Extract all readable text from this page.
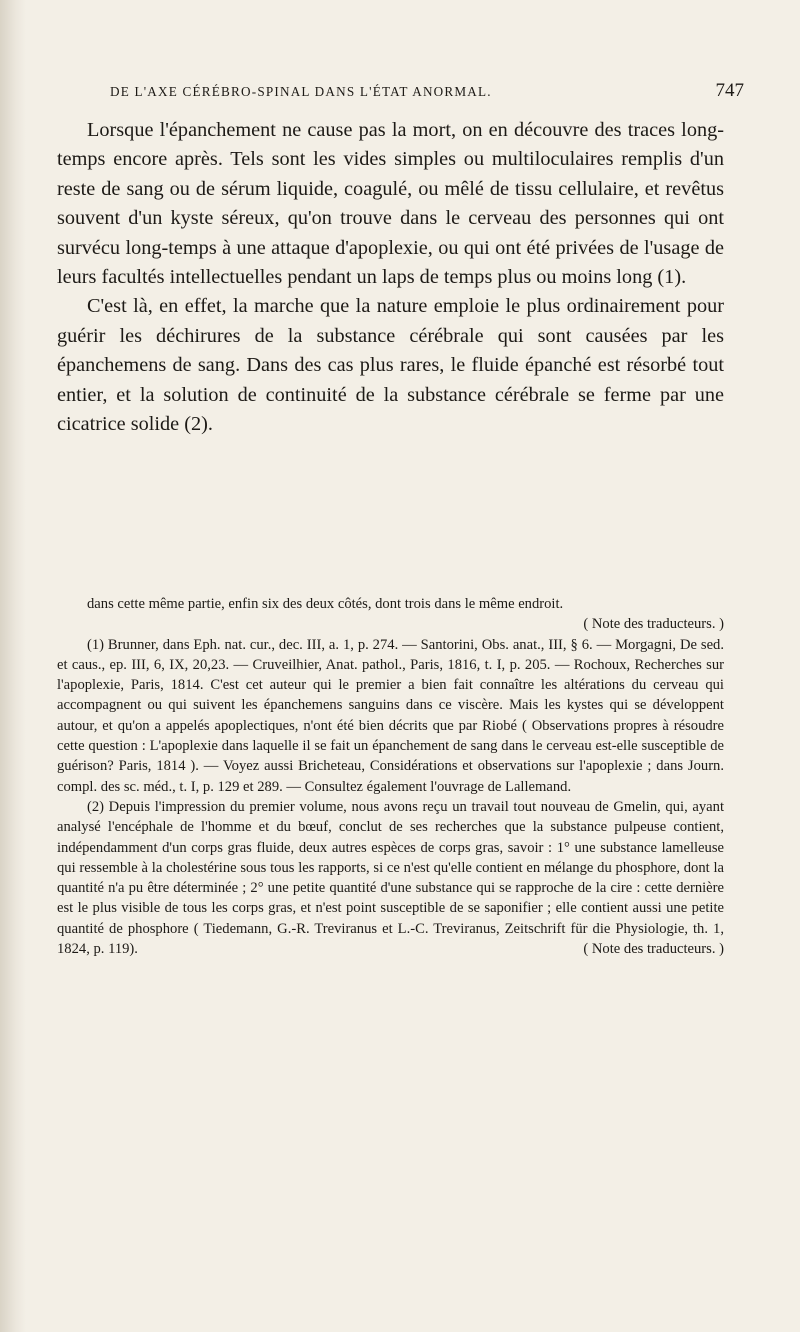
DE L'AXE CÉRÉBRO-SPINAL DANS L'ÉTAT ANORMAL.	747

Lorsque l'épanchement ne cause pas la mort, on en découvre des traces long-temps encore après. Tels sont les vides simples ou multiloculaires remplis d'un reste de sang ou de sérum liquide, coagulé, ou mêlé de tissu cellulaire, et revêtus souvent d'un kyste séreux, qu'on trouve dans le cerveau des personnes qui ont survécu long-temps à une attaque d'apoplexie, ou qui ont été privées de l'usage de leurs facultés intellectuelles pendant un laps de temps plus ou moins long (1).

C'est là, en effet, la marche que la nature emploie le plus ordinairement pour guérir les déchirures de la substance cérébrale qui sont causées par les épanchemens de sang. Dans des cas plus rares, le fluide épanché est résorbé tout entier, et la solution de continuité de la substance cérébrale se ferme par une cicatrice solide (2).

dans cette même partie, enfin six des deux côtés, dont trois dans le même endroit.
( Note des traducteurs. )

(1) Brunner, dans Eph. nat. cur., dec. III, a. 1, p. 274. — Santorini, Obs. anat., III, § 6. — Morgagni, De sed. et caus., ep. III, 6, IX, 20,23. — Cruveilhier, Anat. pathol., Paris, 1816, t. I, p. 205. — Rochoux, Recherches sur l'apoplexie, Paris, 1814. C'est cet auteur qui le premier a bien fait connaître les altérations du cerveau qui accompagnent ou qui suivent les épanchemens sanguins dans ce viscère. Mais les kystes qui se développent autour, et qu'on a appelés apoplectiques, n'ont été bien décrits que par Riobé ( Observations propres à résoudre cette question : L'apoplexie dans laquelle il se fait un épanchement de sang dans le cerveau est-elle susceptible de guérison? Paris, 1814 ). — Voyez aussi Bricheteau, Considérations et observations sur l'apoplexie ; dans Journ. compl. des sc. méd., t. I, p. 129 et 289. — Consultez également l'ouvrage de Lallemand.

(2) Depuis l'impression du premier volume, nous avons reçu un travail tout nouveau de Gmelin, qui, ayant analysé l'encéphale de l'homme et du bœuf, conclut de ses recherches que la substance pulpeuse contient, indépendamment d'un corps gras fluide, deux autres espèces de corps gras, savoir : 1° une substance lamelleuse qui ressemble à la cholestérine sous tous les rapports, si ce n'est qu'elle contient en mélange du phosphore, dont la quantité n'a pu être déterminée ; 2° une petite quantité d'une substance qui se rapproche de la cire : cette dernière est le plus visible de tous les corps gras, et n'est point susceptible de se saponifier ; elle contient aussi une petite quantité de phosphore ( Tiedemann, G.-R. Treviranus et L.-C. Treviranus, Zeitschrift für die Physiologie, th. 1, 1824, p. 119).	( Note des traducteurs. )
